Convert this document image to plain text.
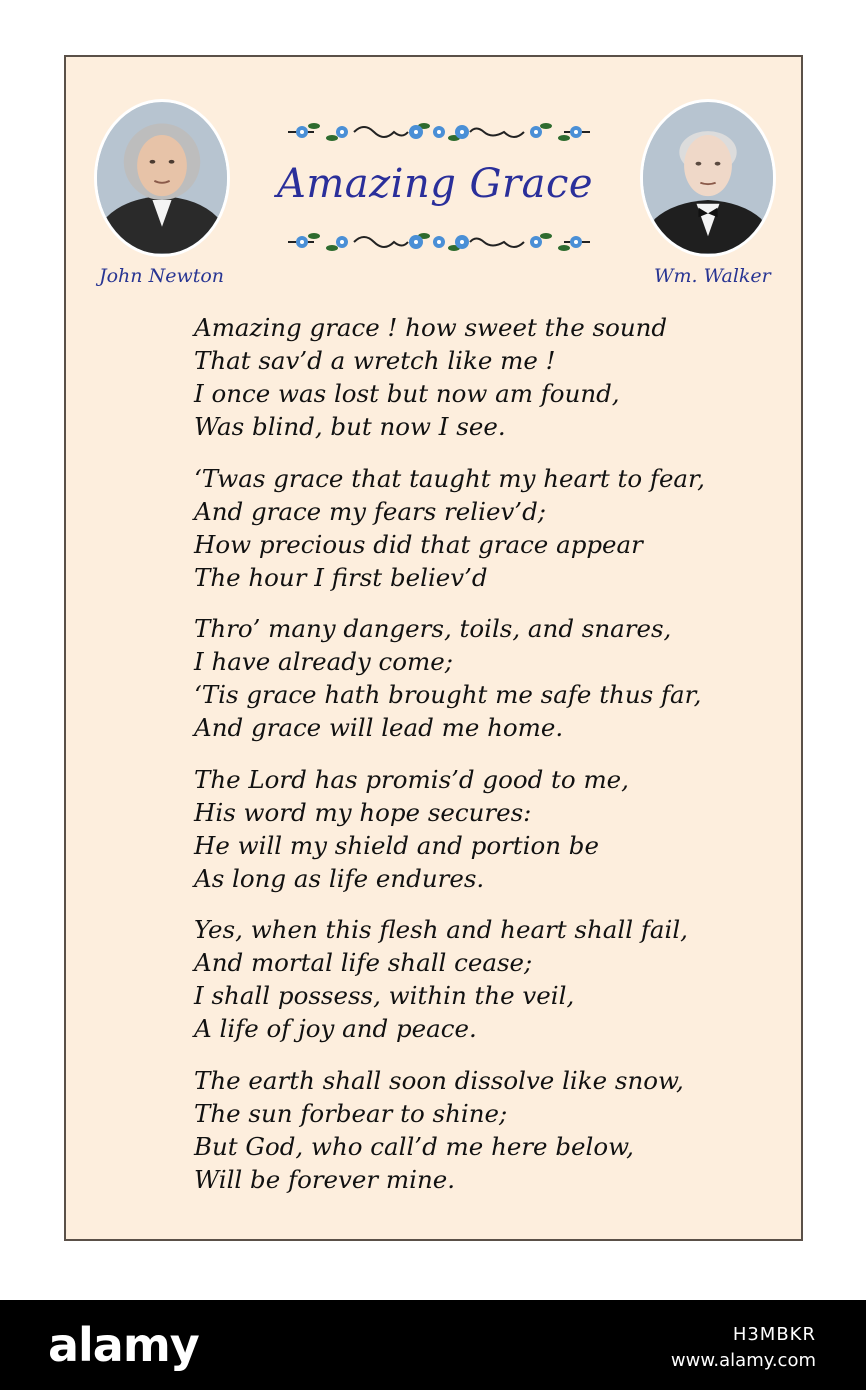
John Newton	Wm. Walker
Amazing Grace
Amazing grace ! how sweet the sound
That sav’d a wretch like me !
I once was lost but now am found,
Was blind, but now I see.
‘Twas grace that taught my heart to fear,
And grace my fears reliev’d;
How precious did that grace appear
The hour I first believ’d
Thro’ many dangers, toils, and snares,
I have already come;
‘Tis grace hath brought me safe thus far,
And grace will lead me home.
The Lord has promis’d good to me,
His word my hope secures:
He will my shield and portion be
As long as life endures.
Yes, when this flesh and heart shall fail,
And mortal life shall cease;
I shall possess, within the veil,
A life of joy and peace.
The earth shall soon dissolve like snow,
The sun forbear to shine;
But God, who call’d me here below,
Will be forever mine.
alamy	H3MBKR
www.alamy.com
